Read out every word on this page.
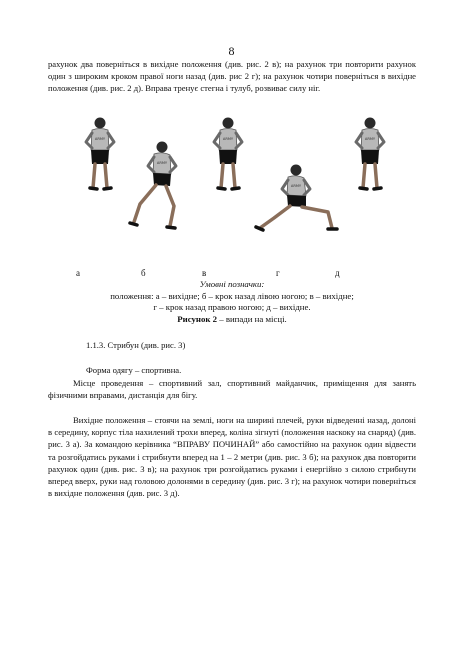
8
рахунок два поверніться в вихідне положення (див. рис. 2 в); на рахунок три повторити рахунок один з широким кроком правої ноги назад (див. рис 2 г); на рахунок чотири поверніться в вихідне положення (див. рис. 2 д). Вправа тренує стегна і тулуб, розвиває силу ніг.
ARMY
ARMY
ARMY
ARMY
ARMY
а	б	в	г	д
Умовні позначки:
положення: а – вихідне; б – крок назад лівою ногою; в – вихідне;
г – крок назад правою ногою; д – вихідне.
Рисунок 2 – випади на місці.
1.1.3. Стрибун (див. рис. 3)
Форма одягу – спортивна.
Місце проведення – спортивний зал, спортивний майданчик, приміщення для занять фізичними вправами, дистанція для бігу.
Вихідне положення – стоячи на землі, ноги на ширині плечей, руки відведенні назад, долоні в середину, корпус тіла нахилений трохи вперед, коліна зігнуті (положення наскоку на снаряд) (див. рис. 3 а). За командою керівника “ВПРАВУ ПОЧИНАЙ” або самостійно на рахунок один відвести та розгойдатись руками і стрибнути вперед на 1 – 2 метри (див. рис. 3 б); на рахунок два повторити рахунок один (див. рис. 3 в); на рахунок три розгойдатись руками і енергійно з силою стрибнути вперед вверх, руки над головою долонями в середину (див. рис. 3 г); на рахунок чотири поверніться в вихідне положення (див. рис. 3 д).
